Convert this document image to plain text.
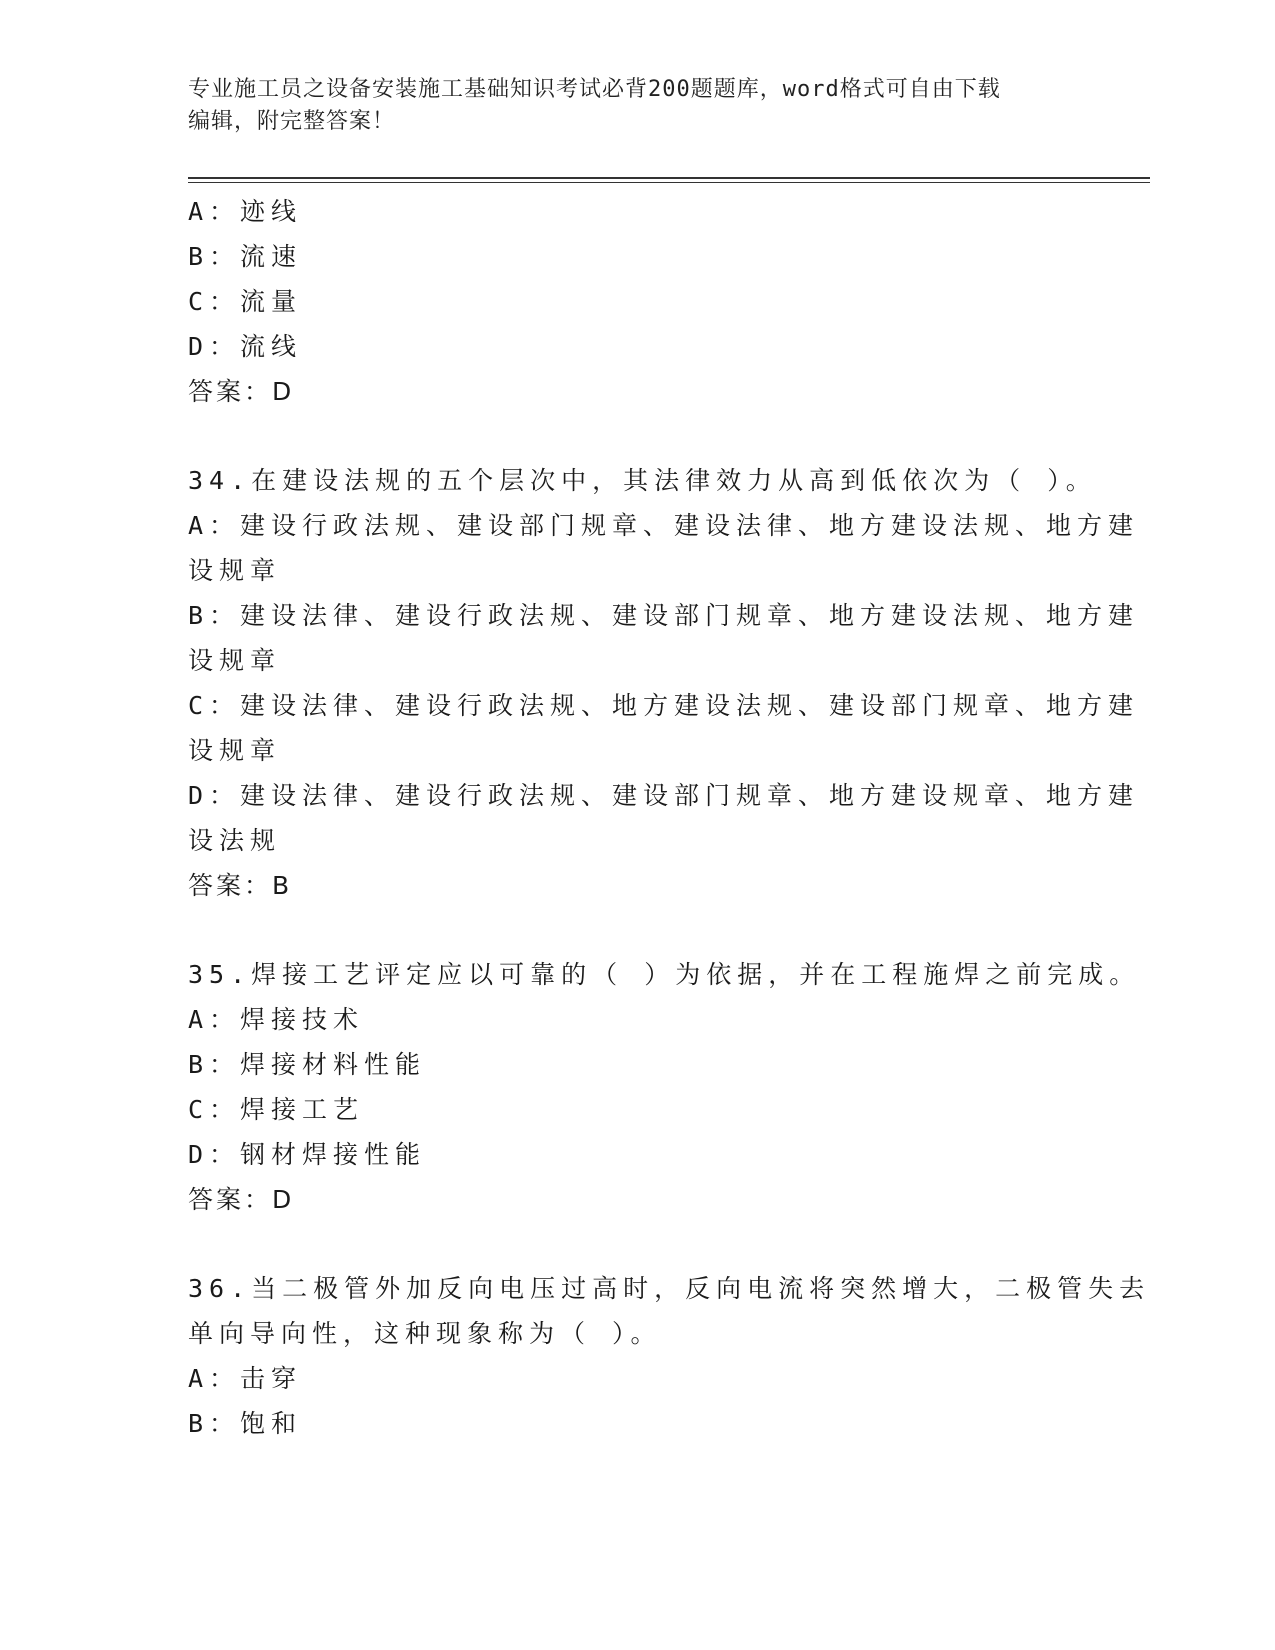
专业施工员之设备安装施工基础知识考试必背200题题库，word格式可自由下载
编辑，附完整答案！
A：迹线
B：流速
C：流量
D：流线
答案：D
34.在建设法规的五个层次中，其法律效力从高到低依次为（ ）。
A：建设行政法规、建设部门规章、建设法律、地方建设法规、地方建
设规章
B：建设法律、建设行政法规、建设部门规章、地方建设法规、地方建
设规章
C：建设法律、建设行政法规、地方建设法规、建设部门规章、地方建
设规章
D：建设法律、建设行政法规、建设部门规章、地方建设规章、地方建
设法规
答案：B
35.焊接工艺评定应以可靠的（ ）为依据，并在工程施焊之前完成。
A：焊接技术
B：焊接材料性能
C：焊接工艺
D：钢材焊接性能
答案：D
36.当二极管外加反向电压过高时，反向电流将突然增大，二极管失去
单向导向性，这种现象称为（ ）。
A：击穿
B：饱和
